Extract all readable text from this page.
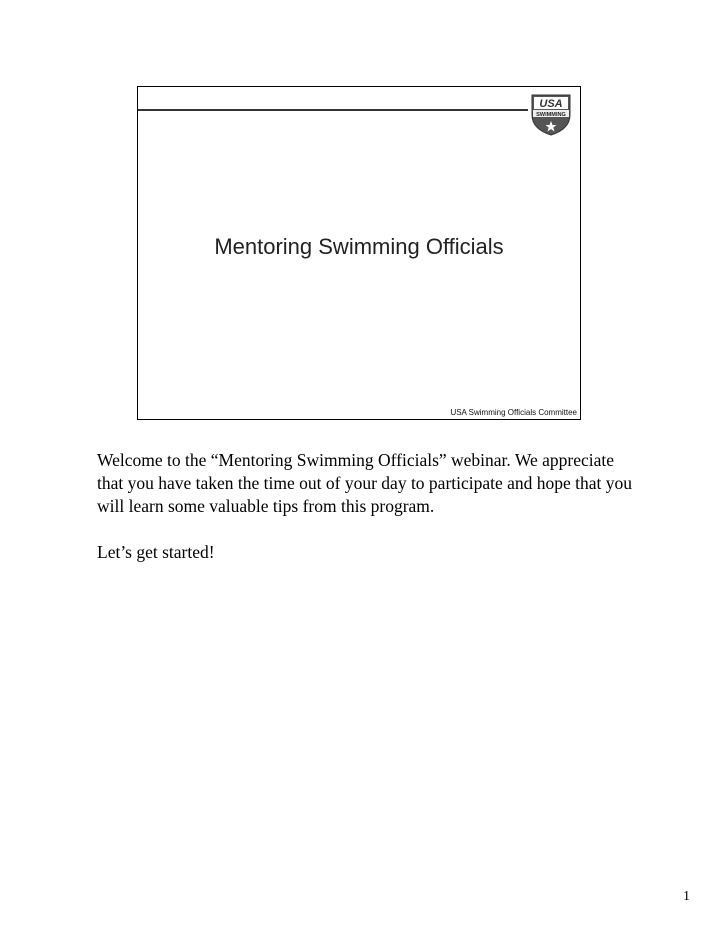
USA
SWIMMING
Mentoring Swimming Officials
USA Swimming Officials Committee

Welcome to the “Mentoring Swimming Officials” webinar. We appreciate that you have taken the time out of your day to participate and hope that you will learn some valuable tips from this program.

Let’s get started!

1
